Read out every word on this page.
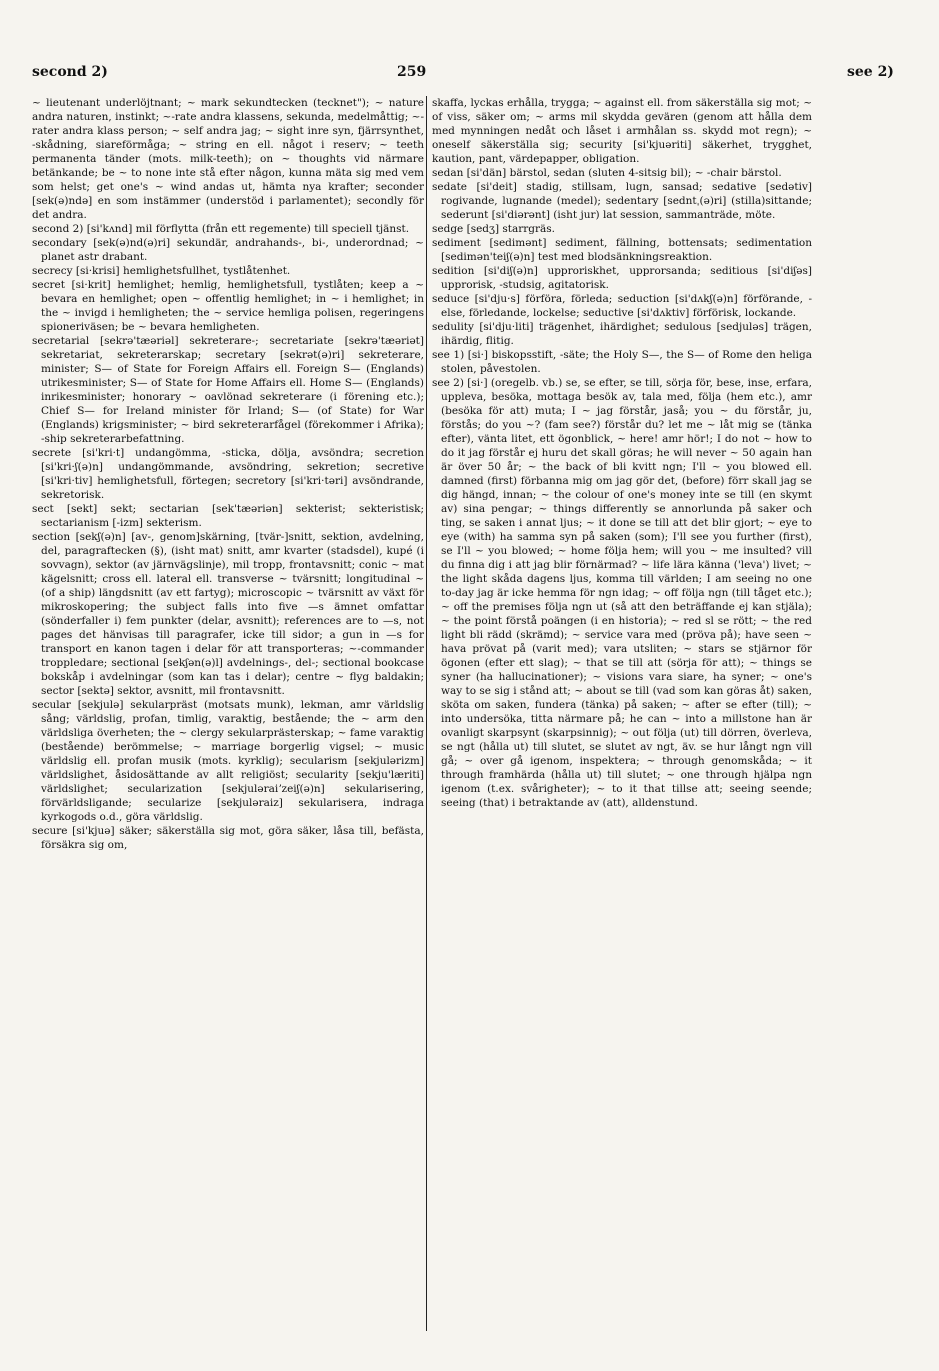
second 2)	259	see 2)

~ lieutenant underlöjtnant; ~ mark sekundtecken (tecknet"); ~ nature andra naturen, instinkt; ~-rate andra klassens, sekunda, medelmåttig; ~-rater andra klass person; ~ self andra jag; ~ sight inre syn, fjärrsynthet, -skådning, siareförmåga; ~ string en ell. något i reserv; ~ teeth permanenta tänder (mots. milk-teeth); on ~ thoughts vid närmare betänkande; be ~ to none inte stå efter någon, kunna mäta sig med vem som helst; get one's ~ wind andas ut, hämta nya krafter; seconder [sek(ə)ndə] en som instämmer (understöd i parlamentet); secondly för det andra.

second 2) [si'kʌnd] mil förflytta (från ett regemente) till speciell tjänst.

secondary [sek(ə)nd(ə)ri] sekundär, andrahands-, bi-, underordnad; ~ planet astr drabant.

secrecy [si·krisi] hemlighetsfullhet, tystlåtenhet.

secret [si·krit] hemlighet; hemlig, hemlighetsfull, tystlåten; keep a ~ bevara en hemlighet; open ~ offentlig hemlighet; in ~ i hemlighet; in the ~ invigd i hemligheten; the ~ service hemliga polisen, regeringens spioneriväsen; be ~ bevara hemligheten.

secretarial [sekrə'tæəriəl] sekreterare-; secretariate [sekrə'tæəriət] sekretariat, sekreterarskap; secretary [sekrət(ə)ri] sekreterare, minister; S— of State for Foreign Affairs ell. Foreign S— (Englands) utrikesminister; S— of State for Home Affairs ell. Home S— (Englands) inrikesminister; honorary ~ oavlönad sekreterare (i förening etc.); Chief S— for Ireland minister för Irland; S— (of State) for War (Englands) krigsminister; ~ bird sekreterarfågel (förekommer i Afrika); -ship sekreterarbefattning.

secrete [si'kri·t] undangömma, -sticka, dölja, avsöndra; secretion [si'kri·ʃ(ə)n] undangömmande, avsöndring, sekretion; secretive [si'kri·tiv] hemlighetsfull, förtegen; secretory [si'kri·təri] avsöndrande, sekretorisk.

sect [sekt] sekt; sectarian [sek'tæəriən] sekterist; sekteristisk; sectarianism [-izm] sekterism.

section [sekʃ(ə)n] [av-, genom]skärning, [tvär-]snitt, sektion, avdelning, del, paragraftecken (§), (isht mat) snitt, amr kvarter (stadsdel), kupé (i sovvagn), sektor (av järnvägslinje), mil tropp, frontavsnitt; conic ~ mat kägelsnitt; cross ell. lateral ell. transverse ~ tvärsnitt; longitudinal ~ (of a ship) längdsnitt (av ett fartyg); microscopic ~ tvärsnitt av växt för mikroskopering; the subject falls into five —s ämnet omfattar (sönderfaller i) fem punkter (delar, avsnitt); references are to —s, not pages det hänvisas till paragrafer, icke till sidor; a gun in —s for transport en kanon tagen i delar för att transporteras; ~-commander troppledare; sectional [sekʃən(ə)l] avdelnings-, del-; sectional bookcase bokskåp i avdelningar (som kan tas i delar); centre ~ flyg baldakin; sector [sektə] sektor, avsnitt, mil frontavsnitt.

secular [sekjulə] sekularpräst (motsats munk), lekman, amr världslig sång; världslig, profan, timlig, varaktig, bestående; the ~ arm den världsliga överheten; the ~ clergy sekularprästerskap; ~ fame varaktig (bestående) berömmelse; ~ marriage borgerlig vigsel; ~ music världslig ell. profan musik (mots. kyrklig); secularism [sekjulərizm] världslighet, åsidosättande av allt religiöst; secularity [sekju'læriti] världslighet; secularization [sekjuləraiʼzeiʃ(ə)n] sekularisering, förvärldsligande; secularize [sekjuləraiz] sekularisera, indraga kyrkogods o.d., göra världslig.

secure [si'kjuə] säker; säkerställa sig mot, göra säker, låsa till, befästa, försäkra sig om,

skaffa, lyckas erhålla, trygga; ~ against ell. from säkerställa sig mot; ~ of viss, säker om; ~ arms mil skydda gevären (genom att hålla dem med mynningen nedåt och låset i armhålan ss. skydd mot regn); ~ oneself säkerställa sig; security [si'kjuəriti] säkerhet, trygghet, kaution, pant, värdepapper, obligation.

sedan [si'dän] bärstol, sedan (sluten 4-sitsig bil); ~ -chair bärstol.

sedate [si'deit] stadig, stillsam, lugn, sansad; sedative [sedətiv] rogivande, lugnande (medel); sedentary [sedntˌ(ə)ri] (stilla)sittande; sederunt [si'diərənt] (isht jur) lat session, sammanträde, möte.

sedge [sedʒ] starrgräs.

sediment [sedimənt] sediment, fällning, bottensats; sedimentation [sedimən'teiʃ(ə)n] test med blodsänkningsreaktion.

sedition [si'diʃ(ə)n] upproriskhet, upprorsanda; seditious [si'diʃəs] upprorisk, -studsig, agitatorisk.

seduce [si'dju·s] förföra, förleda; seduction [si'dʌkʃ(ə)n] förförande, -else, förledande, lockelse; seductive [si'dʌktiv] förförisk, lockande.

sedulity [si'dju·liti] trägenhet, ihärdighet; sedulous [sedjuləs] trägen, ihärdig, flitig.

see 1) [si·] biskopsstift, -säte; the Holy S—, the S— of Rome den heliga stolen, påvestolen.

see 2) [si·] (oregelb. vb.) se, se efter, se till, sörja för, bese, inse, erfara, uppleva, besöka, mottaga besök av, tala med, följa (hem etc.), amr (besöka för att) muta; I ~ jag förstår, jaså; you ~ du förstår, ju, förstås; do you ~? (fam see?) förstår du? let me ~ låt mig se (tänka efter), vänta litet, ett ögonblick, ~ here! amr hör!; I do not ~ how to do it jag förstår ej huru det skall göras; he will never ~ 50 again han är över 50 år; ~ the back of bli kvitt ngn; I'll ~ you blowed ell. damned (first) förbanna mig om jag gör det, (before) förr skall jag se dig hängd, innan; ~ the colour of one's money inte se till (en skymt av) sina pengar; ~ things differently se annorlunda på saker och ting, se saken i annat ljus; ~ it done se till att det blir gjort; ~ eye to eye (with) ha samma syn på saken (som); I'll see you further (first), se I'll ~ you blowed; ~ home följa hem; will you ~ me insulted? vill du finna dig i att jag blir förnärmad? ~ life lära känna ('leva') livet; ~ the light skåda dagens ljus, komma till världen; I am seeing no one to-day jag är icke hemma för ngn idag; ~ off följa ngn (till tåget etc.); ~ off the premises följa ngn ut (så att den beträffande ej kan stjäla); ~ the point förstå poängen (i en historia); ~ red sl se rött; ~ the red light bli rädd (skrämd); ~ service vara med (pröva på); have seen ~ hava prövat på (varit med); vara utsliten; ~ stars se stjärnor för ögonen (efter ett slag); ~ that se till att (sörja för att); ~ things se syner (ha hallucinationer); ~ visions vara siare, ha syner; ~ one's way to se sig i stånd att; ~ about se till (vad som kan göras åt) saken, sköta om saken, fundera (tänka) på saken; ~ after se efter (till); ~ into undersöka, titta närmare på; he can ~ into a millstone han är ovanligt skarpsynt (skarpsinnig); ~ out följa (ut) till dörren, överleva, se ngt (hålla ut) till slutet, se slutet av ngt, äv. se hur långt ngn vill gå; ~ over gå igenom, inspektera; ~ through genomskåda; ~ it through framhärda (hålla ut) till slutet; ~ one through hjälpa ngn igenom (t.ex. svårigheter); ~ to it that tillse att; seeing seende; seeing (that) i betraktande av (att), alldenstund.
